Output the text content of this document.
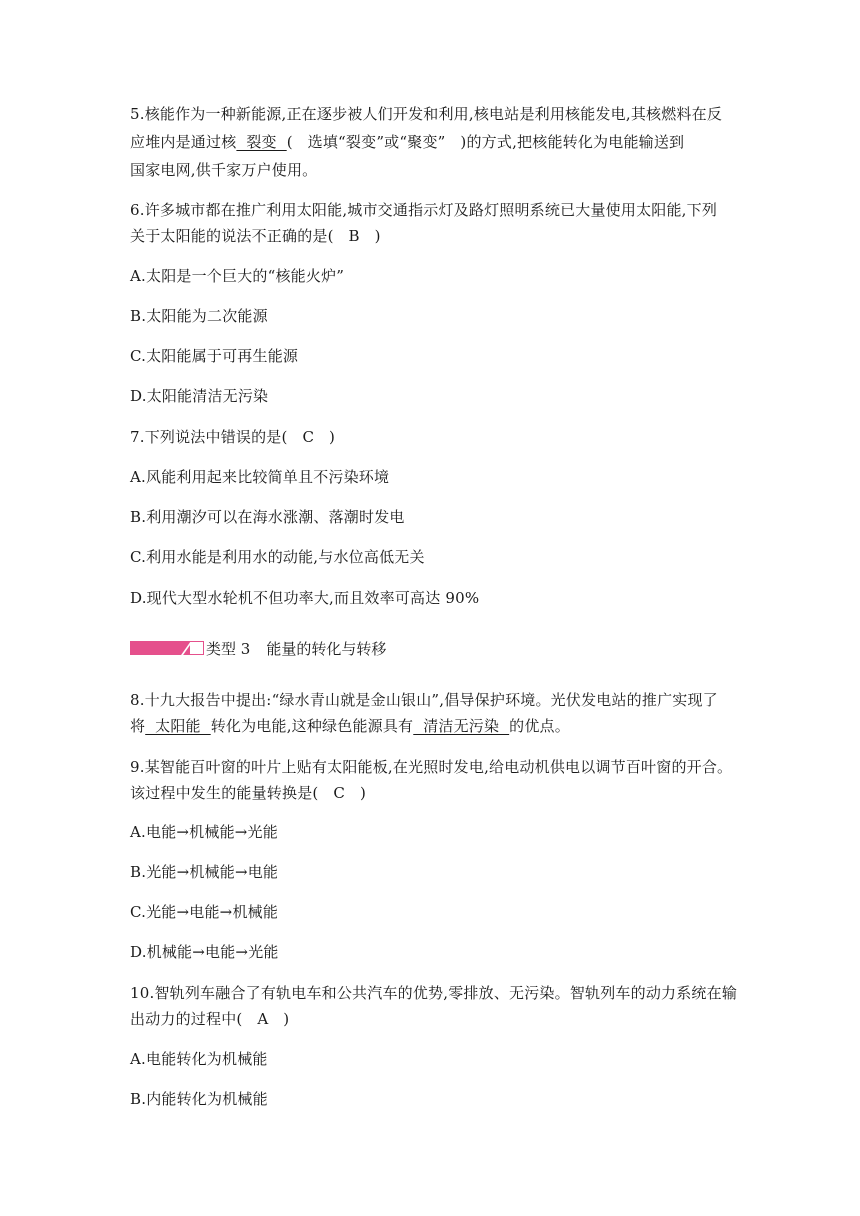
5.核能作为一种新能源,正在逐步被人们开发和利用,核电站是利用核能发电,其核燃料在反
应堆内是通过核  裂变  (   选填“裂变”或“聚变”   )的方式,把核能转化为电能输送到
国家电网,供千家万户使用。
6.许多城市都在推广利用太阳能,城市交通指示灯及路灯照明系统已大量使用太阳能,下列
关于太阳能的说法不正确的是(   B   )
A.太阳是一个巨大的“核能火炉”
B.太阳能为二次能源
C.太阳能属于可再生能源
D.太阳能清洁无污染
7.下列说法中错误的是(   C   )
A.风能利用起来比较简单且不污染环境
B.利用潮汐可以在海水涨潮、落潮时发电
C.利用水能是利用水的动能,与水位高低无关
D.现代大型水轮机不但功率大,而且效率可高达 90%
类型 3 能量的转化与转移
8.十九大报告中提出:“绿水青山就是金山银山”,倡导保护环境。光伏发电站的推广实现了
将  太阳能  转化为电能,这种绿色能源具有  清洁无污染  的优点。
9.某智能百叶窗的叶片上贴有太阳能板,在光照时发电,给电动机供电以调节百叶窗的开合。
该过程中发生的能量转换是(   C   )
A.电能→机械能→光能
B.光能→机械能→电能
C.光能→电能→机械能
D.机械能→电能→光能
10.智轨列车融合了有轨电车和公共汽车的优势,零排放、无污染。智轨列车的动力系统在输
出动力的过程中(   A   )
A.电能转化为机械能
B.内能转化为机械能
